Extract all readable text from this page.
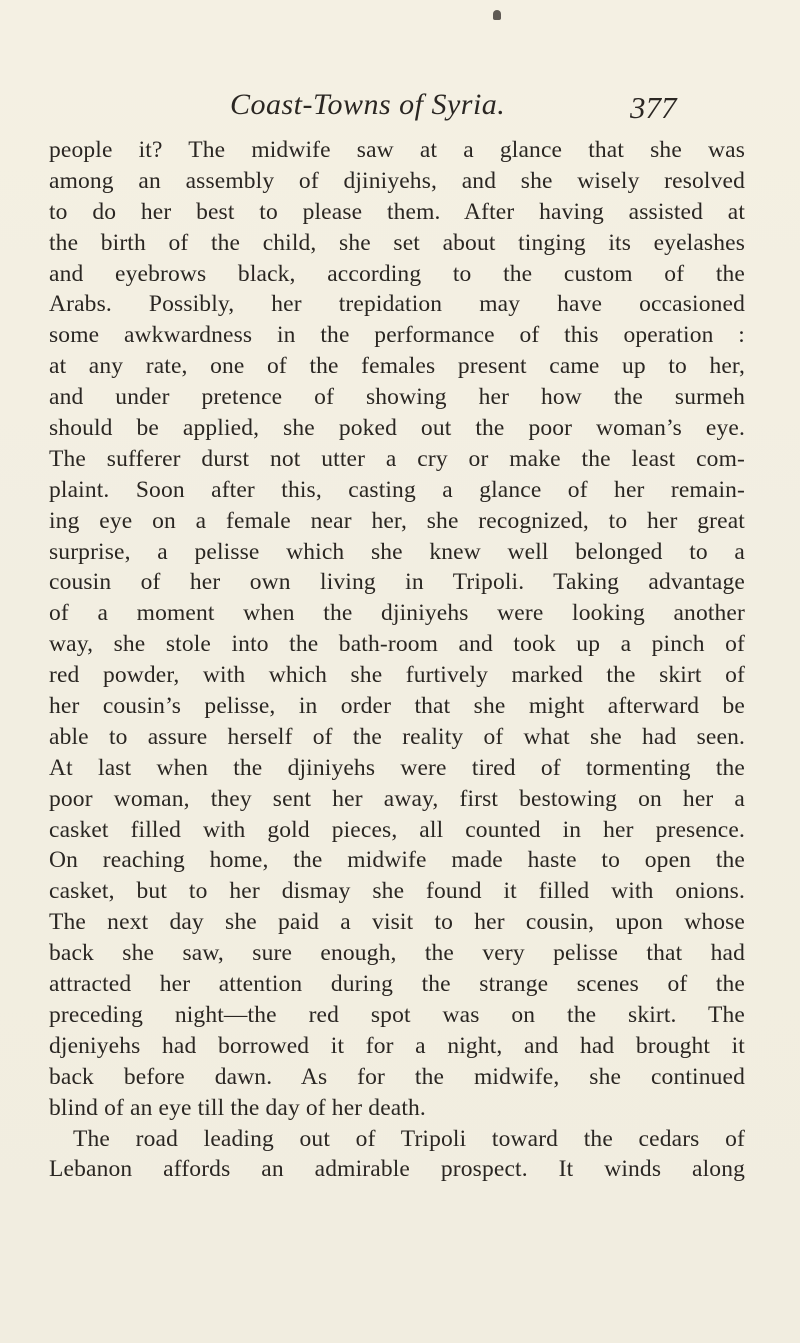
Coast-Towns of Syria.	377
people it? The midwife saw at a glance that she was
among an assembly of djiniyehs, and she wisely resolved
to do her best to please them. After having assisted at
the birth of the child, she set about tinging its eyelashes
and eyebrows black, according to the custom of the
Arabs. Possibly, her trepidation may have occasioned
some awkwardness in the performance of this operation :
at any rate, one of the females present came up to her,
and under pretence of showing her how the surmeh
should be applied, she poked out the poor woman’s eye.
The sufferer durst not utter a cry or make the least com-
plaint. Soon after this, casting a glance of her remain-
ing eye on a female near her, she recognized, to her great
surprise, a pelisse which she knew well belonged to a
cousin of her own living in Tripoli. Taking advantage
of a moment when the djiniyehs were looking another
way, she stole into the bath-room and took up a pinch of
red powder, with which she furtively marked the skirt of
her cousin’s pelisse, in order that she might afterward be
able to assure herself of the reality of what she had seen.
At last when the djiniyehs were tired of tormenting the
poor woman, they sent her away, first bestowing on her a
casket filled with gold pieces, all counted in her presence.
On reaching home, the midwife made haste to open the
casket, but to her dismay she found it filled with onions.
The next day she paid a visit to her cousin, upon whose
back she saw, sure enough, the very pelisse that had
attracted her attention during the strange scenes of the
preceding night—the red spot was on the skirt. The
djeniyehs had borrowed it for a night, and had brought it
back before dawn. As for the midwife, she continued
blind of an eye till the day of her death.
The road leading out of Tripoli toward the cedars of
Lebanon affords an admirable prospect. It winds along
